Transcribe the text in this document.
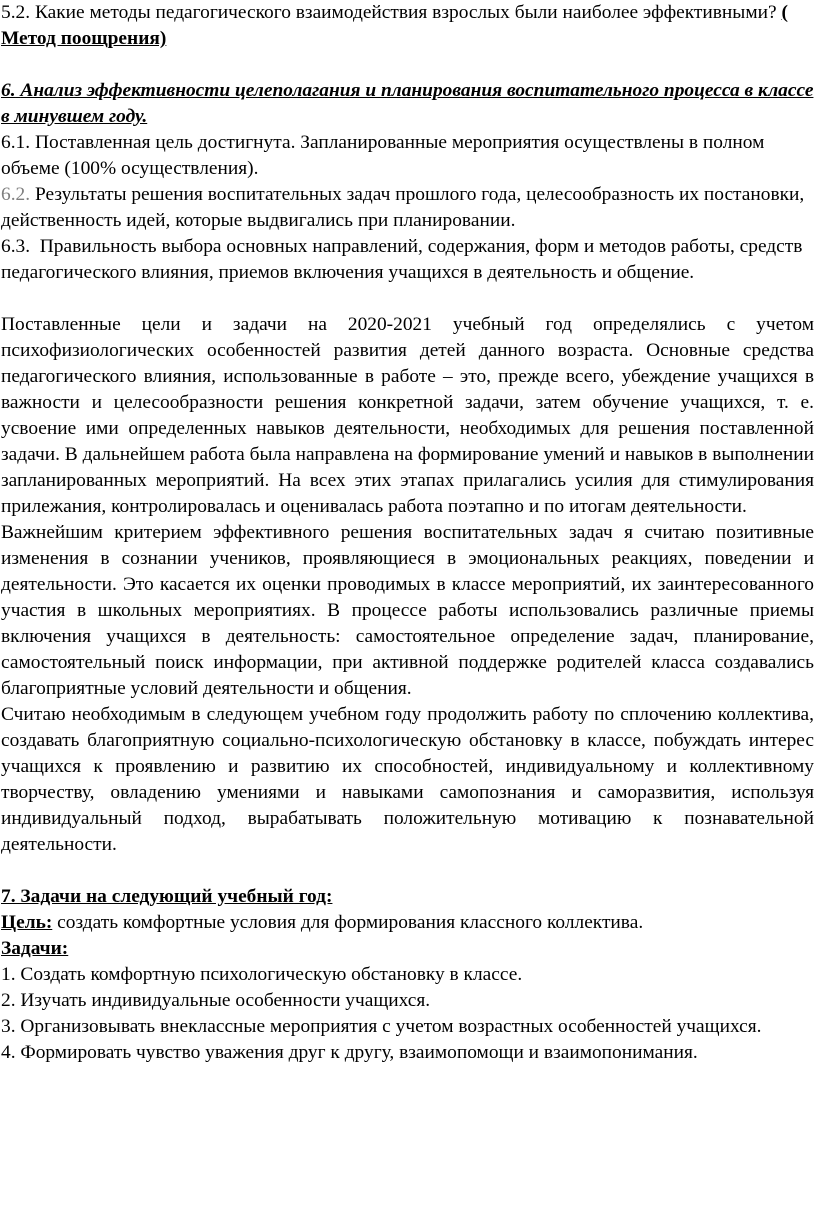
5.2. Какие методы педагогического взаимодействия взрослых были наиболее эффективными? ( Метод поощрения)

6. Анализ эффективности целеполагания и планирования воспитательного процесса в классе в минувшем году.

6.1. Поставленная цель достигнута. Запланированные мероприятия осуществлены в полном объеме (100% осуществления).

6.2. Результаты решения воспитательных задач прошлого года, целесообразность их постановки, действенность идей, которые выдвигались при планировании.

6.3. Правильность выбора основных направлений, содержания, форм и методов работы, средств педагогического влияния, приемов включения учащихся в деятельность и общение.

Поставленные цели и задачи на 2020-2021 учебный год определялись с учетом психофизиологических особенностей развития детей данного возраста. Основные средства педагогического влияния, использованные в работе – это, прежде всего, убеждение учащихся в важности и целесообразности решения конкретной задачи, затем обучение учащихся, т. е. усвоение ими определенных навыков деятельности, необходимых для решения поставленной задачи. В дальнейшем работа была направлена на формирование умений и навыков в выполнении запланированных мероприятий. На всех этих этапах прилагались усилия для стимулирования прилежания, контролировалась и оценивалась работа поэтапно и по итогам деятельности.

Важнейшим критерием эффективного решения воспитательных задач я считаю позитивные изменения в сознании учеников, проявляющиеся в эмоциональных реакциях, поведении и деятельности. Это касается их оценки проводимых в классе мероприятий, их заинтересованного участия в школьных мероприятиях. В процессе работы использовались различные приемы включения учащихся в деятельность: самостоятельное определение задач, планирование, самостоятельный поиск информации, при активной поддержке родителей класса создавались благоприятные условий деятельности и общения.

Считаю необходимым в следующем учебном году продолжить работу по сплочению коллектива, создавать благоприятную социально-психологическую обстановку в классе, побуждать интерес учащихся к проявлению и развитию их способностей, индивидуальному и коллективному творчеству, овладению умениями и навыками самопознания и саморазвития, используя индивидуальный подход, вырабатывать положительную мотивацию к познавательной деятельности.

7. Задачи на следующий учебный год:

Цель: создать комфортные условия для формирования классного коллектива.

Задачи:

1. Создать комфортную психологическую обстановку в классе.

2. Изучать индивидуальные особенности учащихся.

3. Организовывать внеклассные мероприятия с учетом возрастных особенностей учащихся.

4. Формировать чувство уважения друг к другу, взаимопомощи и взаимопонимания.
